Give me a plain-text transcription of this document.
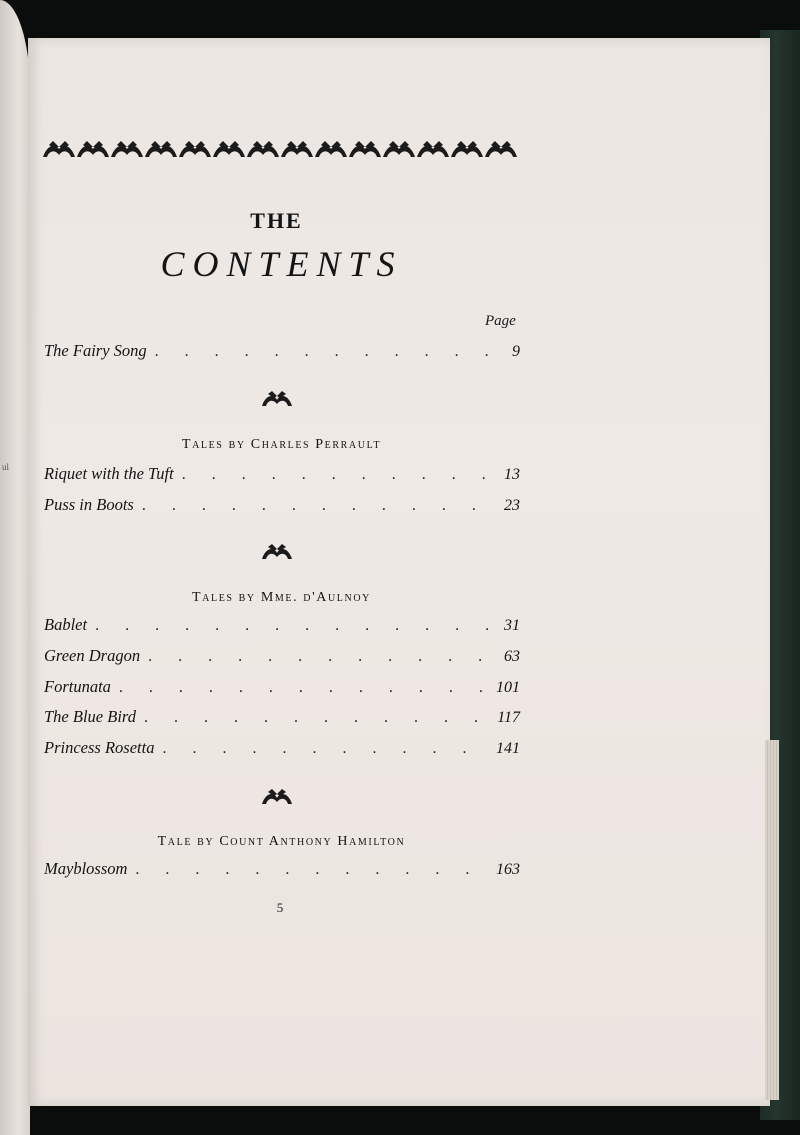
ul
THE
CONTENTS
Page
The Fairy Song . . .	9
Tales by Charles Perrault
Riquet with the Tuft . . .	13
Puss in Boots . . .	23
Tales by Mme. d'Aulnoy
Bablet . . .	31
Green Dragon . . .	63
Fortunata . . .	101
The Blue Bird . . .	117
Princess Rosetta . . .	141
Tale by Count Anthony Hamilton
Mayblossom . . .	163
5
